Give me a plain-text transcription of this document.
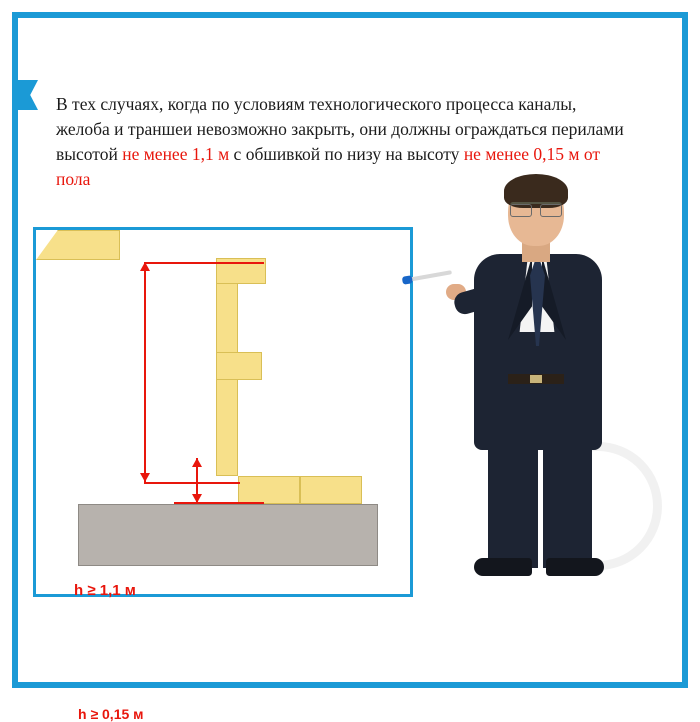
В тех случаях, когда по условиям технологического процесса каналы, желоба и траншеи невозможно закрыть, они должны ограждаться перилами высотой не менее 1,1 м с обшивкой по низу на высоту не менее 0,15 м от пола
h ≥ 1,1 м
h ≥ 0,15 м
